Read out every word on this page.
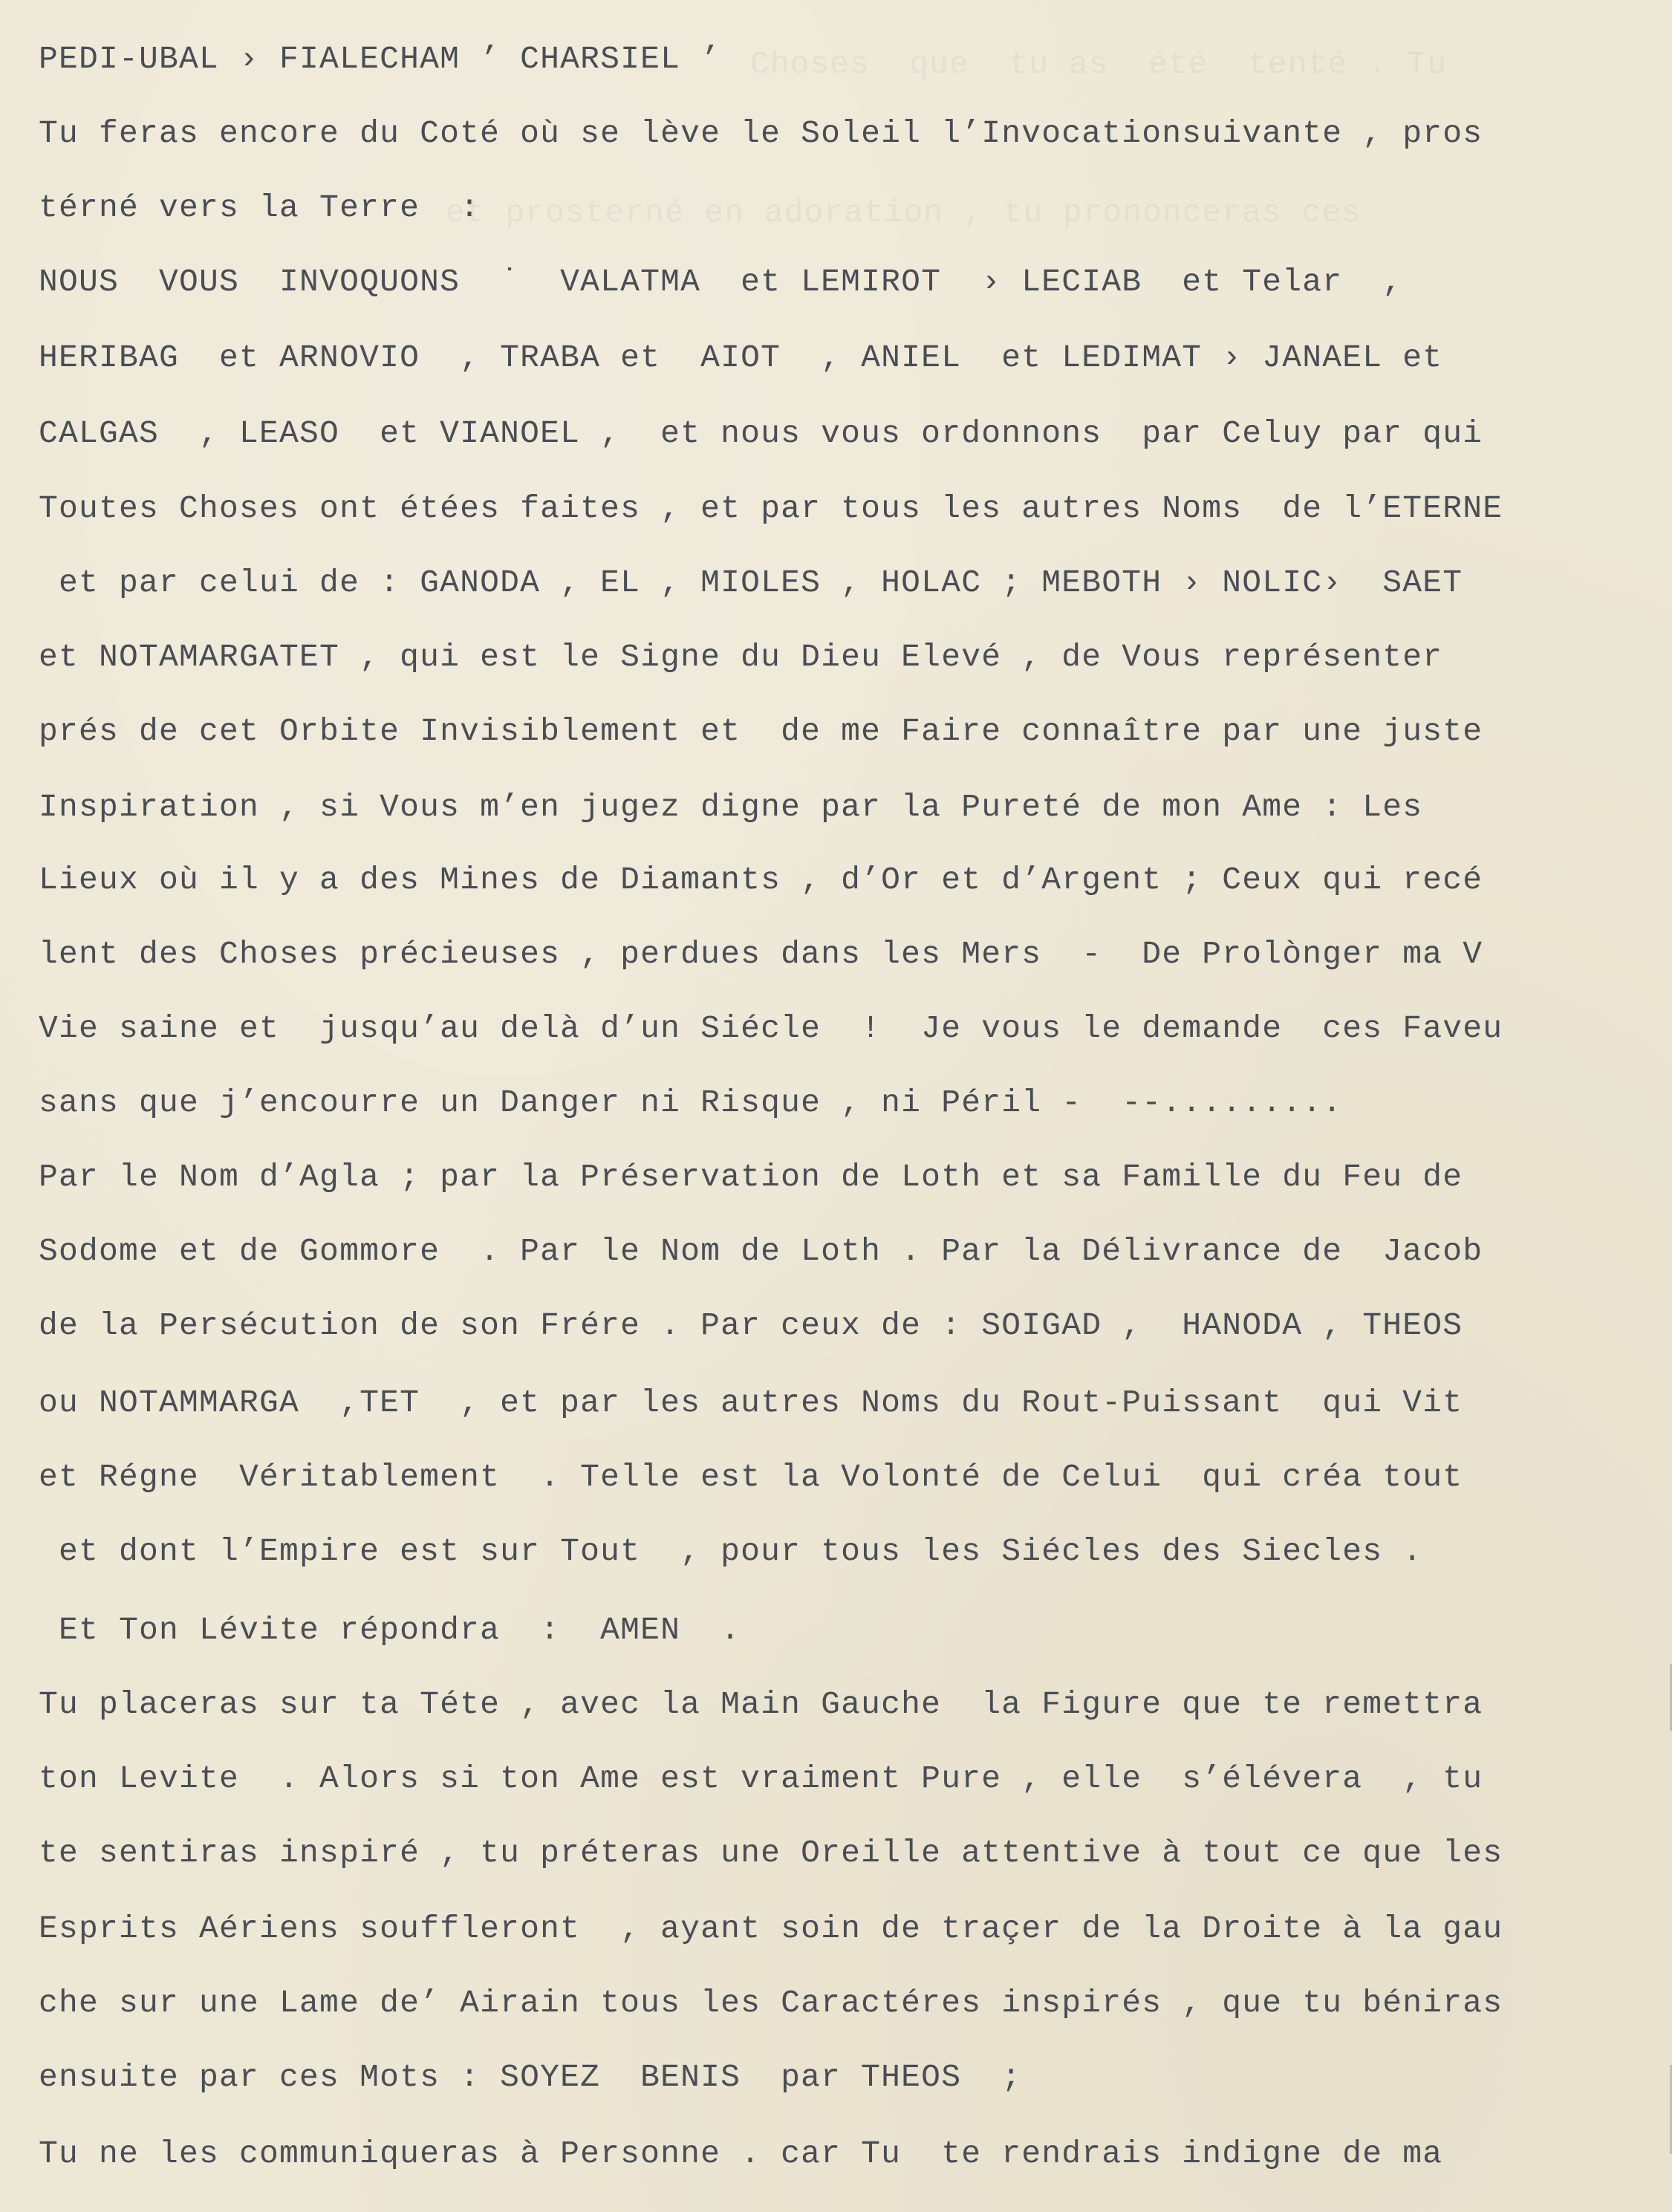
Choses  que  tu as  été  tenté . Tu
et prosterné en adoration , tu prononceras ces
PEDI-UBAL › FIALECHAM ’ CHARSIEL ’
Tu feras encore du Coté où se lève le Soleil l’Invocationsuivante , pros
térné vers la Terre  :
NOUS  VOUS  INVOQUONS  ˙  VALATMA  et LEMIROT  › LECIAB  et Telar  ,
HERIBAG  et ARNOVIO  , TRABA et  AIOT  , ANIEL  et LEDIMAT › JANAEL et
CALGAS  , LEASO  et VIANOEL ,  et nous vous ordonnons  par Celuy par qui
Toutes Choses ont étées faites , et par tous les autres Noms  de l’ETERNE
et par celui de : GANODA , EL , MIOLES , HOLAC ; MEBOTH › NOLIC›  SAET
et NOTAMARGATET , qui est le Signe du Dieu Elevé , de Vous représenter
prés de cet Orbite Invisiblement et  de me Faire connaître par une juste
Inspiration , si Vous m’en jugez digne par la Pureté de mon Ame : Les
Lieux où il y a des Mines de Diamants , d’Or et d’Argent ; Ceux qui recé
lent des Choses précieuses , perdues dans les Mers  -  De Prolònger ma V
Vie saine et  jusqu’au delà d’un Siécle  !  Je vous le demande  ces Faveu
sans que j’encourre un Danger ni Risque , ni Péril -  --.........
Par le Nom d’Agla ; par la Préservation de Loth et sa Famille du Feu de
Sodome et de Gommore  . Par le Nom de Loth . Par la Délivrance de  Jacob
de la Persécution de son Frére . Par ceux de : SOIGAD ,  HANODA , THEOS
ou NOTAMMARGA  ,TET  , et par les autres Noms du Rout-Puissant  qui Vit
et Régne  Véritablement  . Telle est la Volonté de Celui  qui créa tout
et dont l’Empire est sur Tout  , pour tous les Siécles des Siecles .
Et Ton Lévite répondra  :  AMEN  .
Tu placeras sur ta Téte , avec la Main Gauche  la Figure que te remettra
ton Levite  . Alors si ton Ame est vraiment Pure , elle  s’élévera  , tu
te sentiras inspiré , tu préteras une Oreille attentive à tout ce que les
Esprits Aériens souffleront  , ayant soin de traçer de la Droite à la gau
che sur une Lame de’ Airain tous les Caractéres inspirés , que tu béniras
ensuite par ces Mots : SOYEZ  BENIS  par THEOS  ;
Tu ne les communiqueras à Personne . car Tu  te rendrais indigne de ma
